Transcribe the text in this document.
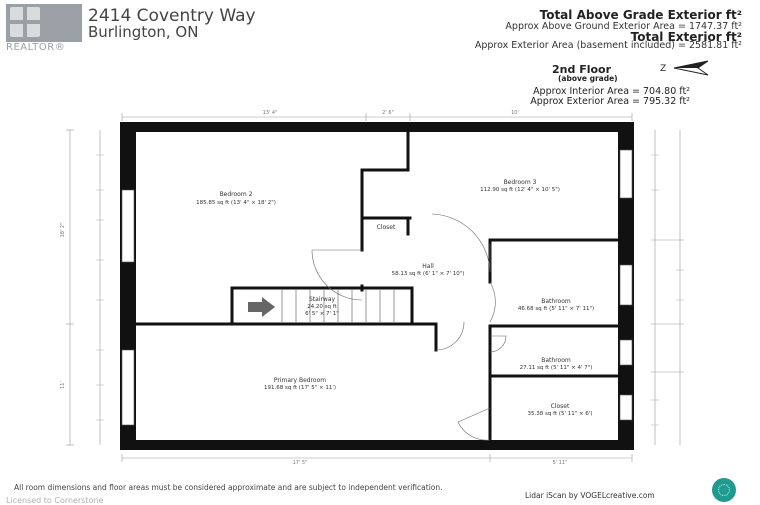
REALTOR®
2414 Coventry Way
Burlington, ON
Total Above Grade Exterior ft²
Approx Above Ground Exterior Area = 1747.37 ft²
Total Exterior ft²
Approx Exterior Area (basement included) = 2581.81 ft²
2nd Floor
(above grade)
Z
Approx Interior Area = 704.80 ft²
Approx Exterior Area = 795.32 ft²
Bedroom 2
185.85 sq ft (13' 4" × 18' 2")
Bedroom 3
112.90 sq ft (12' 4" × 10' 5")
Closet
Hall
58.13 sq ft (6' 1" × 7' 10")
Bathroom
46.68 sq ft (5' 11" × 7' 11")
Stairway
24.20 sq ft
6' 5" × 7' 1"
Bathroom
27.11 sq ft (5' 11" × 4' 7")
Primary Bedroom
191.68 sq ft (17' 5" × 11')
Closet
35.38 sq ft (5' 11" × 6')
13' 4"	2' 6"	10'
17' 5"	5' 11"
18' 2"
11'
All room dimensions and floor areas must be considered approximate and are subject to independent verification.
Lidar iScan by VOGELcreative.com
Licensed to Cornerstone
